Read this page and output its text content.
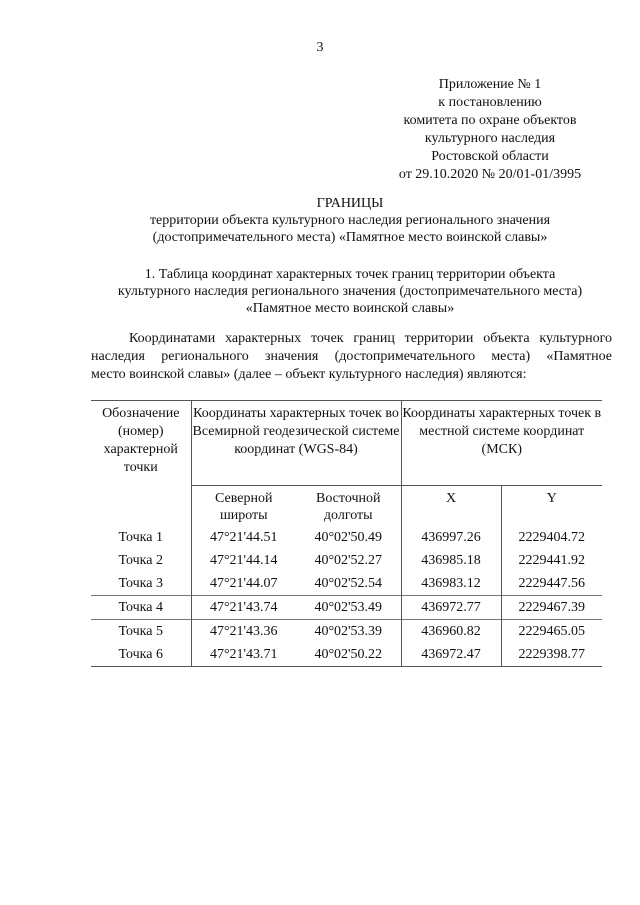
3
Приложение № 1
к постановлению
комитета по охране объектов
культурного наследия
Ростовской области
от 29.10.2020 № 20/01-01/3995
ГРАНИЦЫ
территории объекта культурного наследия регионального значения
(достопримечательного места) «Памятное место воинской славы»
1. Таблица координат характерных точек границ территории объекта
культурного наследия регионального значения (достопримечательного места)
«Памятное место воинской славы»
Координатами характерных точек границ территории объекта культурного
наследия регионального значения (достопримечательного места) «Памятное
место воинской славы» (далее – объект культурного наследия) являются:
Обозначение (номер) характерной точки	Координаты характерных точек во Всемирной геодезической системе координат (WGS-84)		Координаты характерных точек в местной системе координат (МСК)	
	Северной широты	Восточной долготы	X	Y
Точка 1	47°21'44.51	40°02'50.49	436997.26	2229404.72
Точка 2	47°21'44.14	40°02'52.27	436985.18	2229441.92
Точка 3	47°21'44.07	40°02'52.54	436983.12	2229447.56
Точка 4	47°21'43.74	40°02'53.49	436972.77	2229467.39
Точка 5	47°21'43.36	40°02'53.39	436960.82	2229465.05
Точка 6	47°21'43.71	40°02'50.22	436972.47	2229398.77
